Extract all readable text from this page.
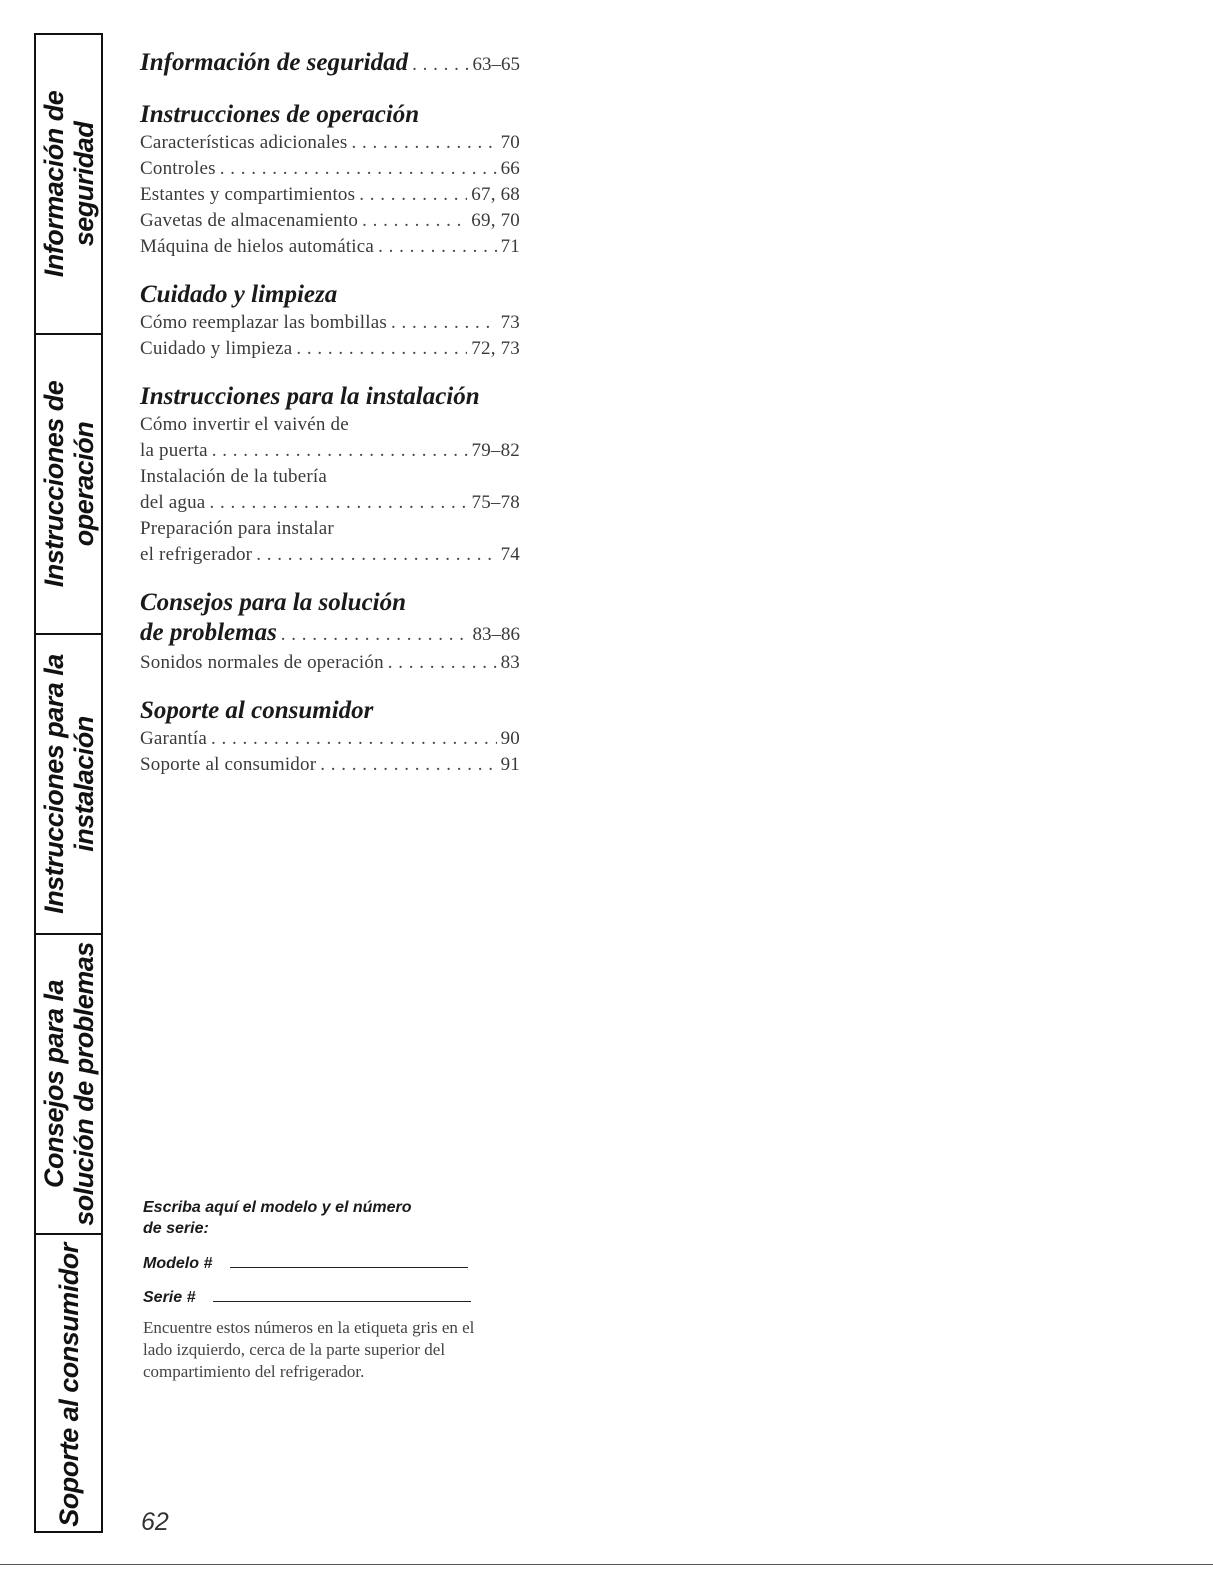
Información de seguridad
Instrucciones de operación
Instrucciones para la instalación
Consejos para la solución de problemas
Soporte al consumidor
Información de seguridad . . .	63–65
Instrucciones de operación
Características adicionales . . .	70
Controles . . .	66
Estantes y compartimientos . . .	67, 68
Gavetas de almacenamiento . . .	69, 70
Máquina de hielos automática . . .	71
Cuidado y limpieza
Cómo reemplazar las bombillas . . .	73
Cuidado y limpieza . . .	72, 73
Instrucciones para la instalación
Cómo invertir el vaivén de
la puerta . . .	79–82
Instalación de la tubería
del agua . . .	75–78
Preparación para instalar
el refrigerador . . .	74
Consejos para la solución
de problemas . . .	83–86
Sonidos normales de operación . . .	83
Soporte al consumidor
Garantía . . .	90
Soporte al consumidor . . .	91
Escriba aquí el modelo y el número
de serie:
Modelo #
Serie #
Encuentre estos números en la etiqueta gris en el lado izquierdo, cerca de la parte superior del compartimiento del refrigerador.
62
